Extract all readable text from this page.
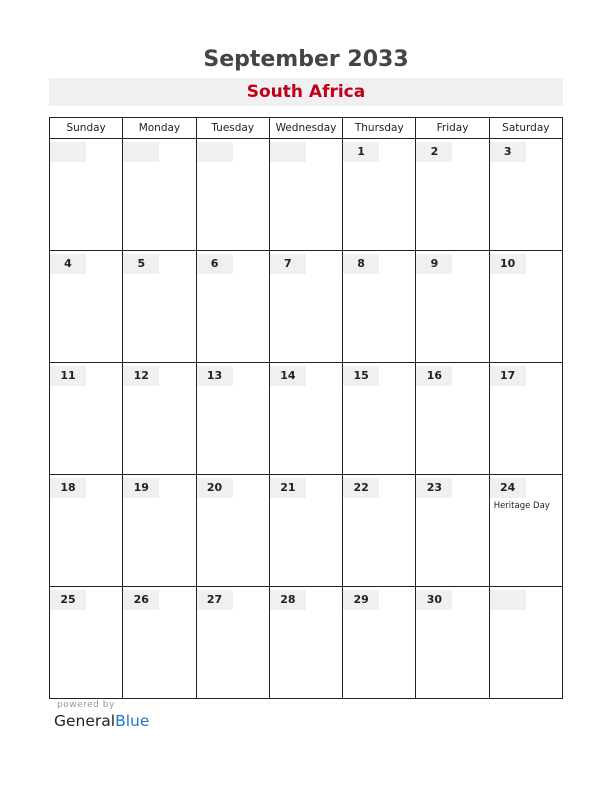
September 2033
South Africa
Sunday	Monday	Tuesday	Wednesday	Thursday	Friday	Saturday

				1	2	3

4	5	6	7	8	9	10

11	12	13	14	15	16	17

18	19	20	21	22	23	24
Heritage Day

25	26	27	28	29	30	

powered by
GeneralBlue
